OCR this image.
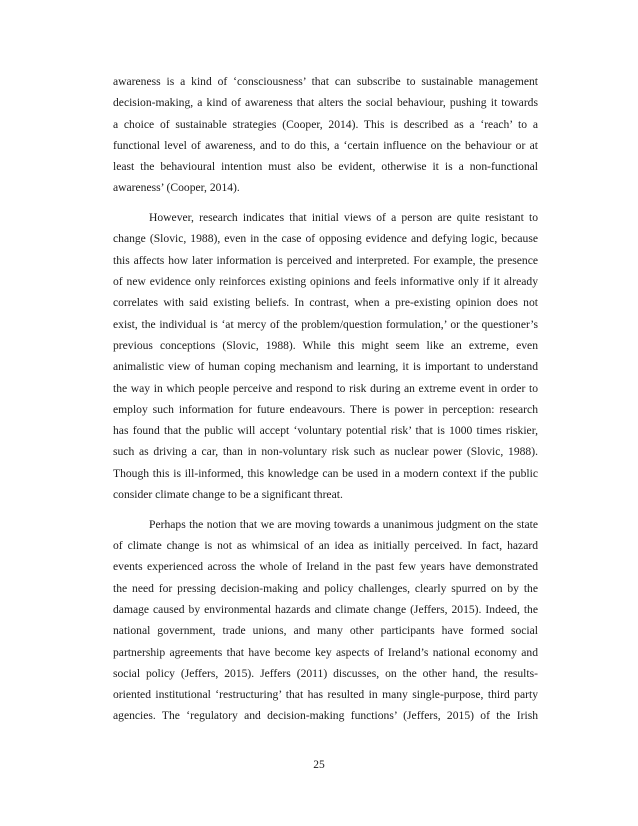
awareness is a kind of ‘consciousness’ that can subscribe to sustainable management
decision-making, a kind of awareness that alters the social behaviour, pushing it towards
a choice of sustainable strategies (Cooper, 2014). This is described as a ‘reach’ to a
functional level of awareness, and to do this, a ‘certain influence on the behaviour or at
least the behavioural intention must also be evident, otherwise it is a non-functional
awareness’ (Cooper, 2014).
However, research indicates that initial views of a person are quite resistant to
change (Slovic, 1988), even in the case of opposing evidence and defying logic, because
this affects how later information is perceived and interpreted. For example, the presence
of new evidence only reinforces existing opinions and feels informative only if it already
correlates with said existing beliefs. In contrast, when a pre-existing opinion does not
exist, the individual is ‘at mercy of the problem/question formulation,’ or the questioner’s
previous conceptions (Slovic, 1988). While this might seem like an extreme, even
animalistic view of human coping mechanism and learning, it is important to understand
the way in which people perceive and respond to risk during an extreme event in order to
employ such information for future endeavours. There is power in perception: research
has found that the public will accept ‘voluntary potential risk’ that is 1000 times riskier,
such as driving a car, than in non-voluntary risk such as nuclear power (Slovic, 1988).
Though this is ill-informed, this knowledge can be used in a modern context if the public
consider climate change to be a significant threat.
Perhaps the notion that we are moving towards a unanimous judgment on the state
of climate change is not as whimsical of an idea as initially perceived. In fact, hazard
events experienced across the whole of Ireland in the past few years have demonstrated
the need for pressing decision-making and policy challenges, clearly spurred on by the
damage caused by environmental hazards and climate change (Jeffers, 2015). Indeed, the
national government, trade unions, and many other participants have formed social
partnership agreements that have become key aspects of Ireland’s national economy and
social policy (Jeffers, 2015). Jeffers (2011) discusses, on the other hand, the results-
oriented institutional ‘restructuring’ that has resulted in many single-purpose, third party
agencies. The ‘regulatory and decision-making functions’ (Jeffers, 2015) of the Irish
25
